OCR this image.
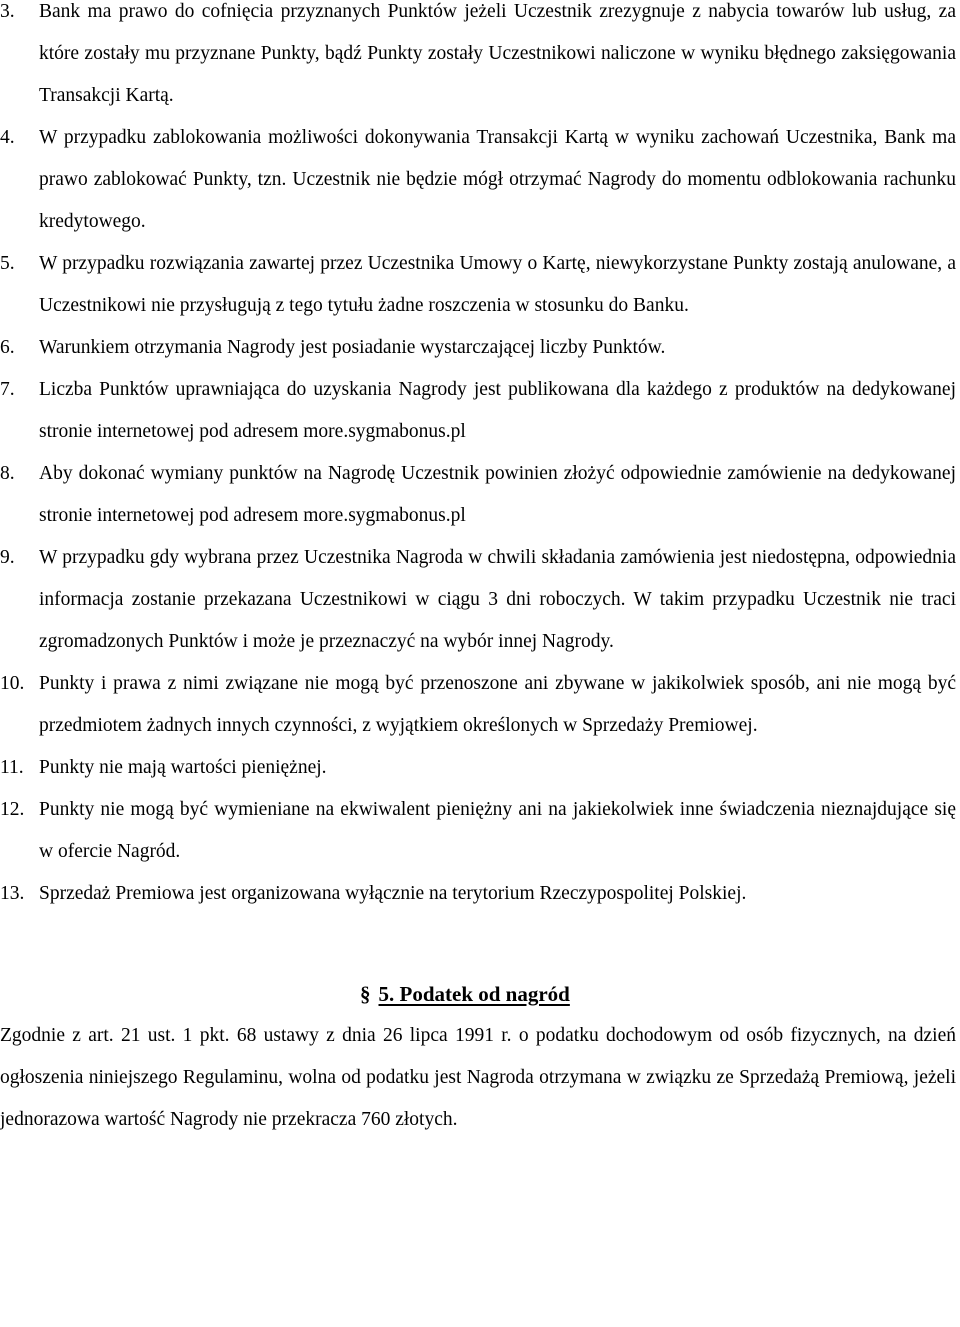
3.	Bank ma prawo do cofnięcia przyznanych Punktów jeżeli Uczestnik zrezygnuje z nabycia towarów lub usług, za które zostały mu przyznane Punkty, bądź Punkty zostały Uczestnikowi naliczone w wyniku błędnego zaksięgowania Transakcji Kartą.
4.	W przypadku zablokowania możliwości dokonywania Transakcji Kartą w wyniku zachowań Uczestnika, Bank ma prawo zablokować Punkty, tzn. Uczestnik nie będzie mógł otrzymać Nagrody do momentu odblokowania rachunku kredytowego.
5.	W przypadku rozwiązania zawartej przez Uczestnika Umowy o Kartę, niewykorzystane Punkty zostają anulowane, a Uczestnikowi nie przysługują z tego tytułu żadne roszczenia w stosunku do Banku.
6.	Warunkiem otrzymania Nagrody jest posiadanie wystarczającej liczby Punktów.
7.	Liczba Punktów uprawniająca do uzyskania Nagrody jest publikowana dla każdego z produktów na dedykowanej stronie internetowej pod adresem more.sygmabonus.pl
8.	Aby dokonać wymiany punktów na Nagrodę Uczestnik powinien złożyć odpowiednie zamówienie na dedykowanej stronie internetowej pod adresem more.sygmabonus.pl
9.	W przypadku gdy wybrana przez Uczestnika Nagroda w chwili składania zamówienia jest niedostępna, odpowiednia informacja zostanie przekazana Uczestnikowi w ciągu 3 dni roboczych. W takim przypadku Uczestnik nie traci zgromadzonych Punktów i może je przeznaczyć na wybór innej Nagrody.
10. Punkty i prawa z nimi związane nie mogą być przenoszone ani zbywane w jakikolwiek sposób, ani nie mogą być przedmiotem żadnych innych czynności, z wyjątkiem określonych w Sprzedaży Premiowej.
11. Punkty nie mają wartości pieniężnej.
12. Punkty nie mogą być wymieniane na ekwiwalent pieniężny ani na jakiekolwiek inne świadczenia nieznajdujące się w ofercie Nagród.
13. Sprzedaż Premiowa jest organizowana wyłącznie na terytorium Rzeczypospolitej Polskiej.
§ 5. Podatek od nagród

Zgodnie z art. 21 ust. 1 pkt. 68 ustawy z dnia 26 lipca 1991 r. o podatku dochodowym od osób fizycznych, na dzień ogłoszenia niniejszego Regulaminu, wolna od podatku jest Nagroda otrzymana w związku ze Sprzedażą Premiową, jeżeli jednorazowa wartość Nagrody nie przekracza 760 złotych.
